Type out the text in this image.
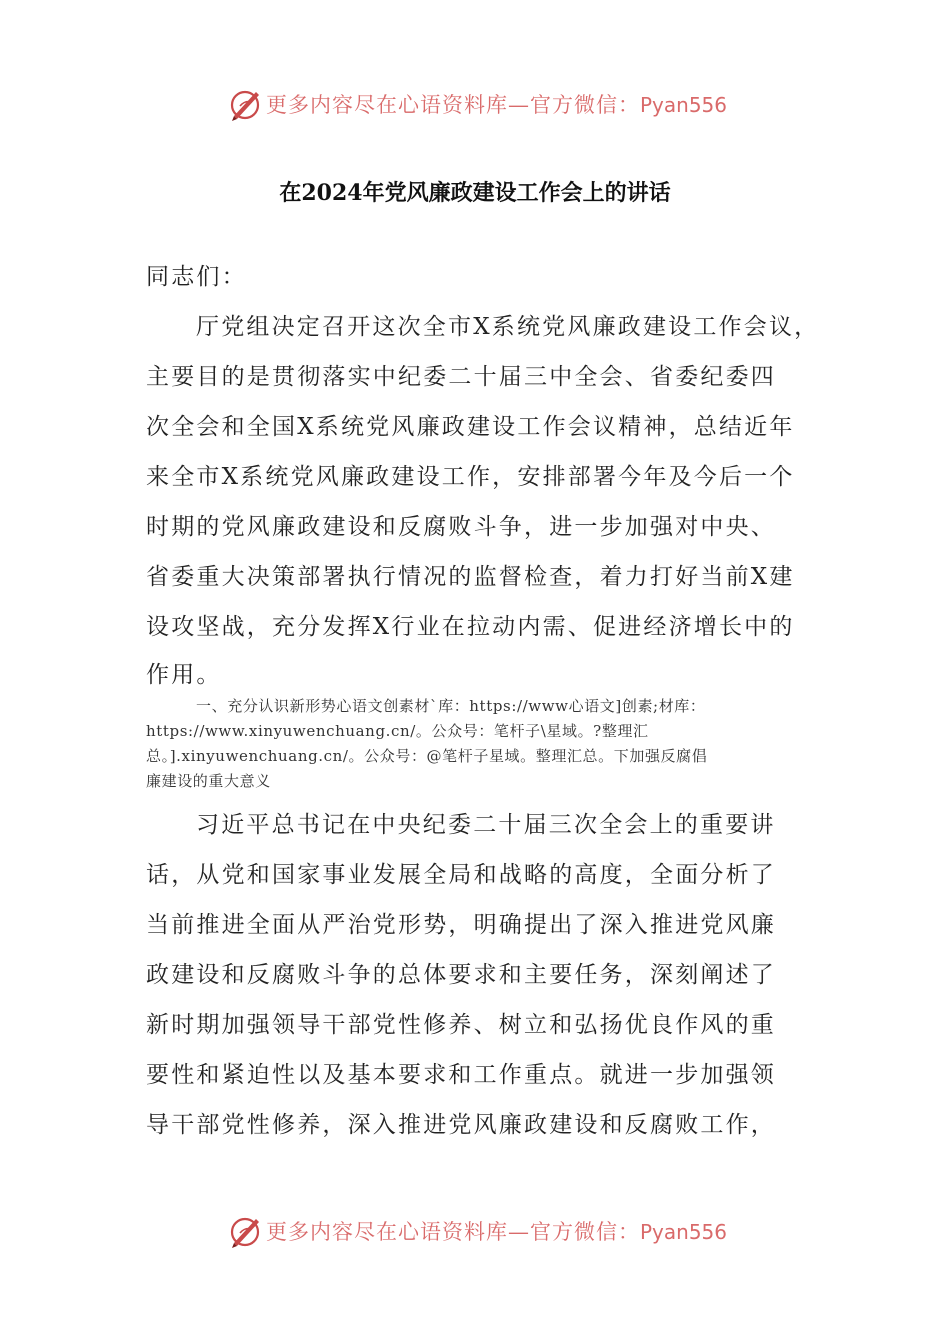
更多内容尽在心语资料库—官方微信：Pyan556
在2024年党风廉政建设工作会上的讲话
同志们：
厅党组决定召开这次全市X系统党风廉政建设工作会议，
主要目的是贯彻落实中纪委二十届三中全会、省委纪委四
次全会和全国X系统党风廉政建设工作会议精神，总结近年
来全市X系统党风廉政建设工作，安排部署今年及今后一个
时期的党风廉政建设和反腐败斗争，进一步加强对中央、
省委重大决策部署执行情况的监督检查，着力打好当前X建
设攻坚战，充分发挥X行业在拉动内需、促进经济增长中的
作用。
一、充分认识新形势心语文创素材`库：https://www心语文]创素;材库：
https://www.xinyuwenchuang.cn/。公众号：笔杆子\星域。?整理汇
总。].xinyuwenchuang.cn/。公众号：@笔杆子星域。整理汇总。下加强反腐倡
廉建设的重大意义
习近平总书记在中央纪委二十届三次全会上的重要讲
话，从党和国家事业发展全局和战略的高度，全面分析了
当前推进全面从严治党形势，明确提出了深入推进党风廉
政建设和反腐败斗争的总体要求和主要任务，深刻阐述了
新时期加强领导干部党性修养、树立和弘扬优良作风的重
要性和紧迫性以及基本要求和工作重点。就进一步加强领
导干部党性修养，深入推进党风廉政建设和反腐败工作，
更多内容尽在心语资料库—官方微信：Pyan556
